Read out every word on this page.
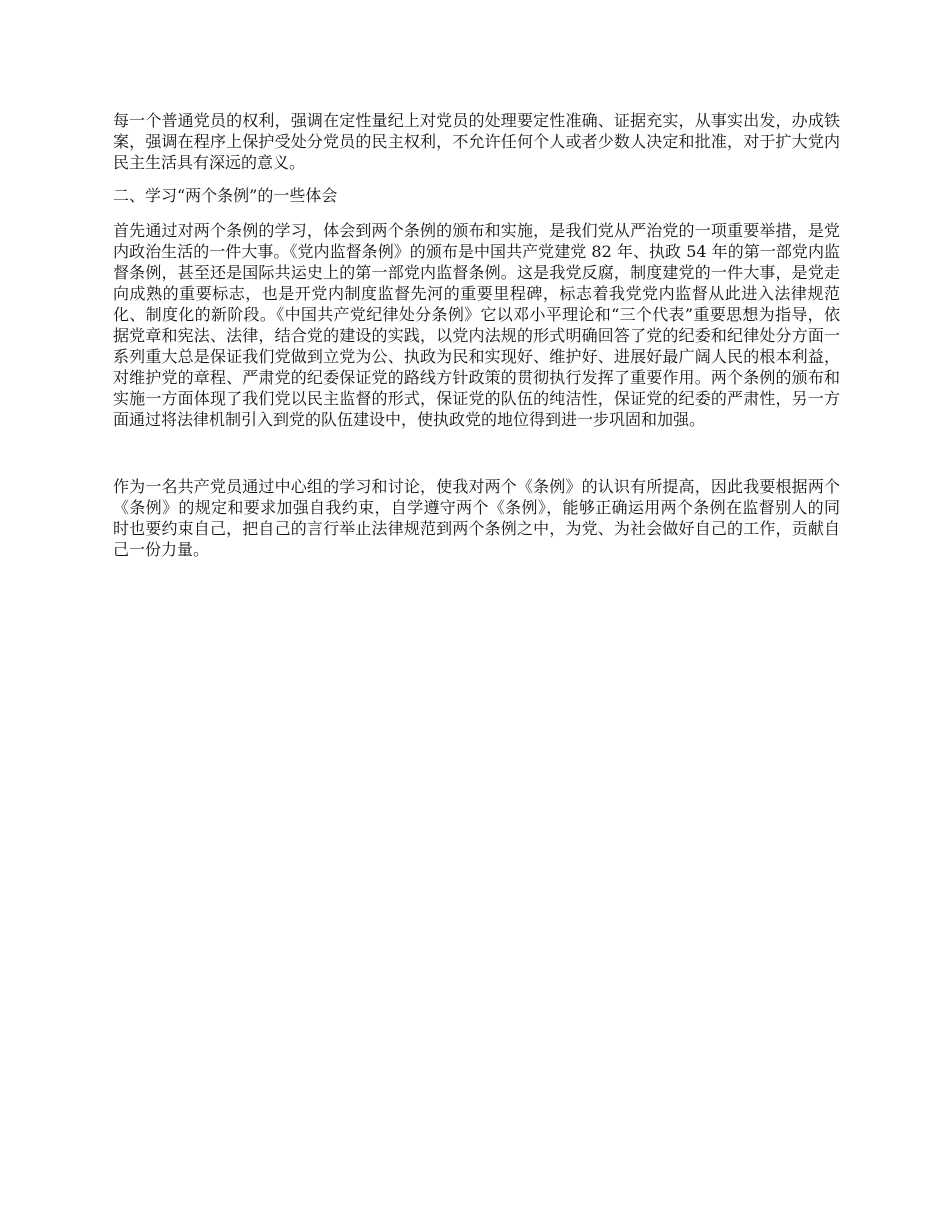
每一个普通党员的权利，强调在定性量纪上对党员的处理要定性准确、证据充实，从事实出发，办成铁案，强调在程序上保护受处分党员的民主权利，不允许任何个人或者少数人决定和批准，对于扩大党内民主生活具有深远的意义。

二、学习“两个条例”的一些体会

首先通过对两个条例的学习，体会到两个条例的颁布和实施，是我们党从严治党的一项重要举措，是党内政治生活的一件大事。《党内监督条例》的颁布是中国共产党建党 82 年、执政 54 年的第一部党内监督条例，甚至还是国际共运史上的第一部党内监督条例。这是我党反腐，制度建党的一件大事，是党走向成熟的重要标志，也是开党内制度监督先河的重要里程碑，标志着我党党内监督从此进入法律规范化、制度化的新阶段。《中国共产党纪律处分条例》它以邓小平理论和“三个代表”重要思想为指导，依据党章和宪法、法律，结合党的建设的实践，以党内法规的形式明确回答了党的纪委和纪律处分方面一系列重大总是保证我们党做到立党为公、执政为民和实现好、维护好、进展好最广阔人民的根本利益，对维护党的章程、严肃党的纪委保证党的路线方针政策的贯彻执行发挥了重要作用。两个条例的颁布和实施一方面体现了我们党以民主监督的形式，保证党的队伍的纯洁性，保证党的纪委的严肃性，另一方面通过将法律机制引入到党的队伍建设中，使执政党的地位得到进一步巩固和加强。

作为一名共产党员通过中心组的学习和讨论，使我对两个《条例》的认识有所提高，因此我要根据两个《条例》的规定和要求加强自我约束，自学遵守两个《条例》，能够正确运用两个条例在监督别人的同时也要约束自己，把自己的言行举止法律规范到两个条例之中，为党、为社会做好自己的工作，贡献自己一份力量。
